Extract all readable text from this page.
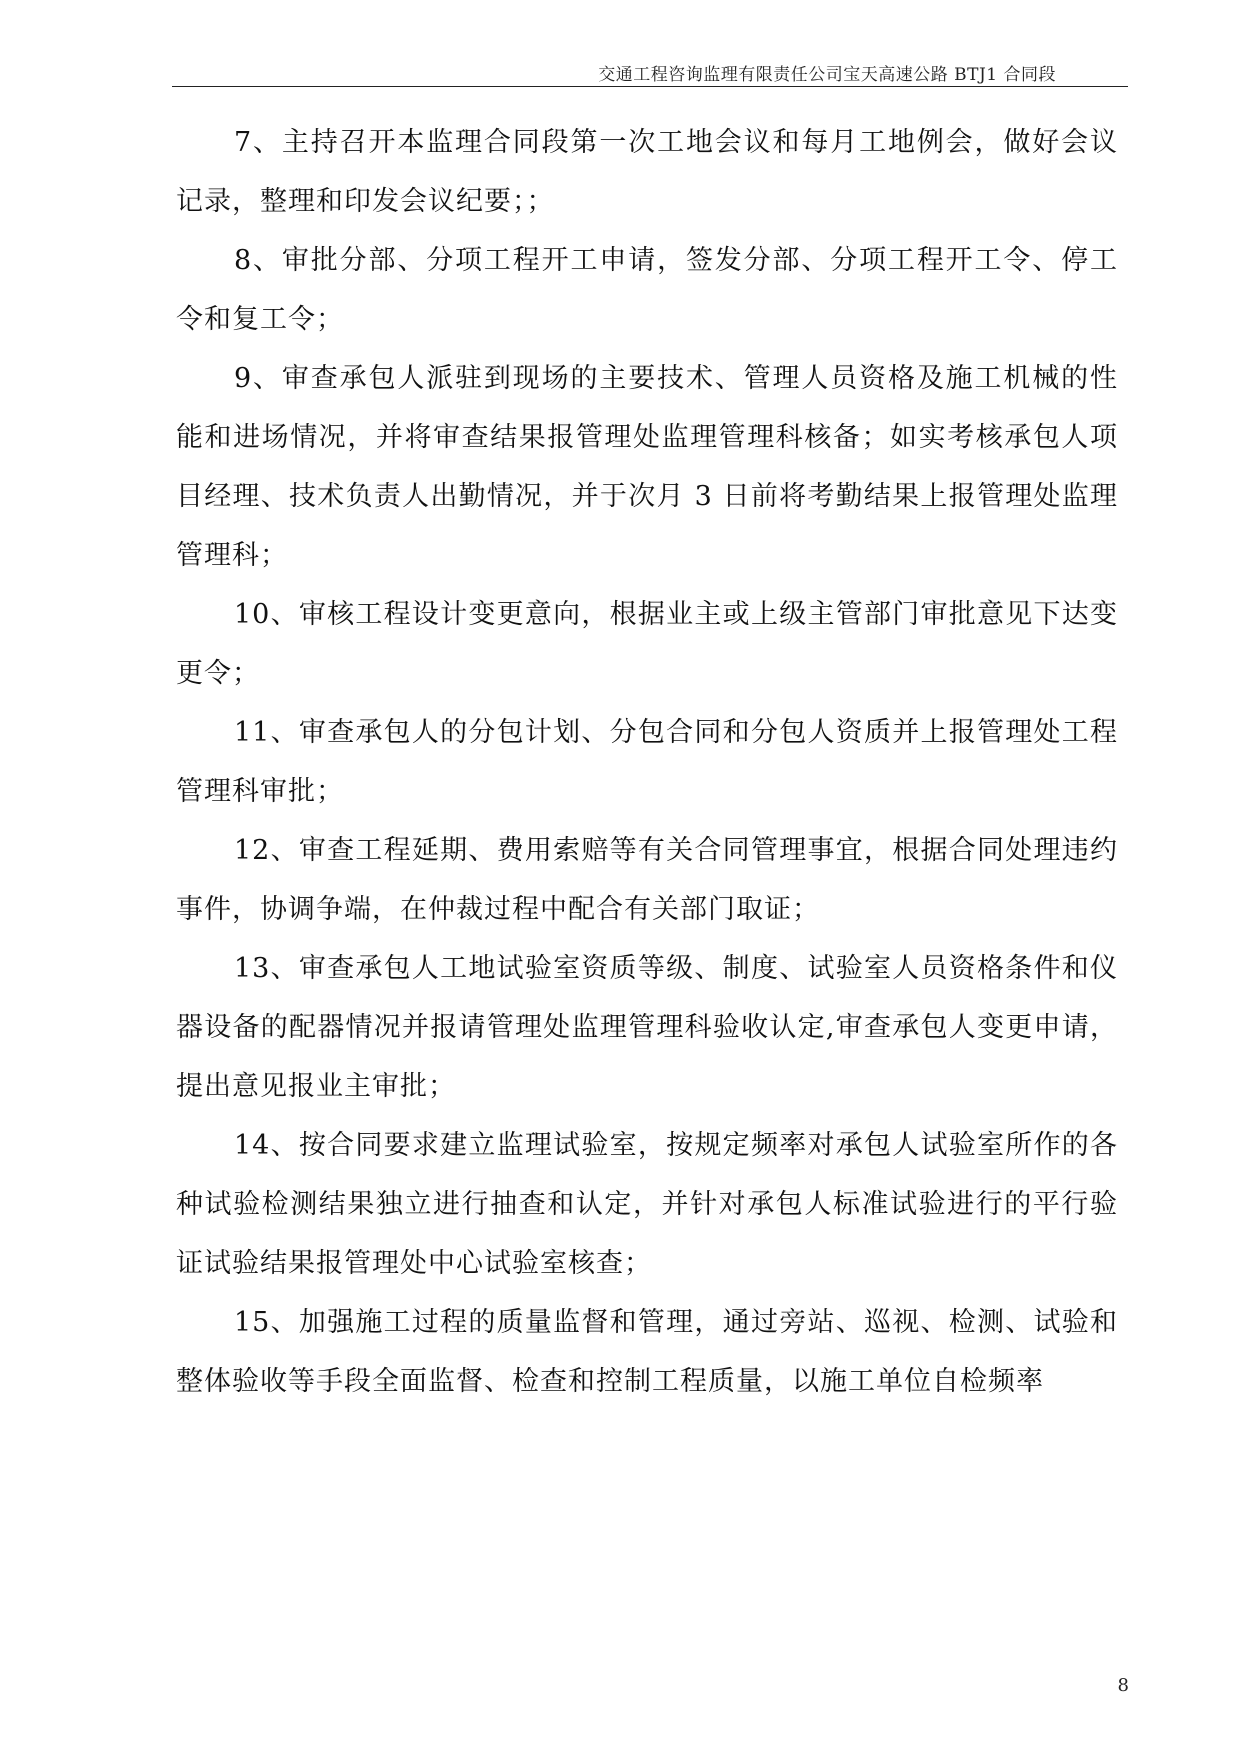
交通工程咨询监理有限责任公司宝天高速公路 BTJ1 合同段

7、主持召开本监理合同段第一次工地会议和每月工地例会，做好会议记录，整理和印发会议纪要；；

8、审批分部、分项工程开工申请，签发分部、分项工程开工令、停工令和复工令；

9、审查承包人派驻到现场的主要技术、管理人员资格及施工机械的性能和进场情况，并将审查结果报管理处监理管理科核备；如实考核承包人项目经理、技术负责人出勤情况，并于次月 3 日前将考勤结果上报管理处监理管理科；

10、审核工程设计变更意向，根据业主或上级主管部门审批意见下达变更令；

11、审查承包人的分包计划、分包合同和分包人资质并上报管理处工程管理科审批；

12、审查工程延期、费用索赔等有关合同管理事宜，根据合同处理违约事件，协调争端，在仲裁过程中配合有关部门取证；

13、审查承包人工地试验室资质等级、制度、试验室人员资格条件和仪器设备的配器情况并报请管理处监理管理科验收认定,审查承包人变更申请，提出意见报业主审批；

14、按合同要求建立监理试验室，按规定频率对承包人试验室所作的各种试验检测结果独立进行抽查和认定，并针对承包人标准试验进行的平行验证试验结果报管理处中心试验室核查；

15、加强施工过程的质量监督和管理，通过旁站、巡视、检测、试验和整体验收等手段全面监督、检查和控制工程质量，以施工单位自检频率

8
